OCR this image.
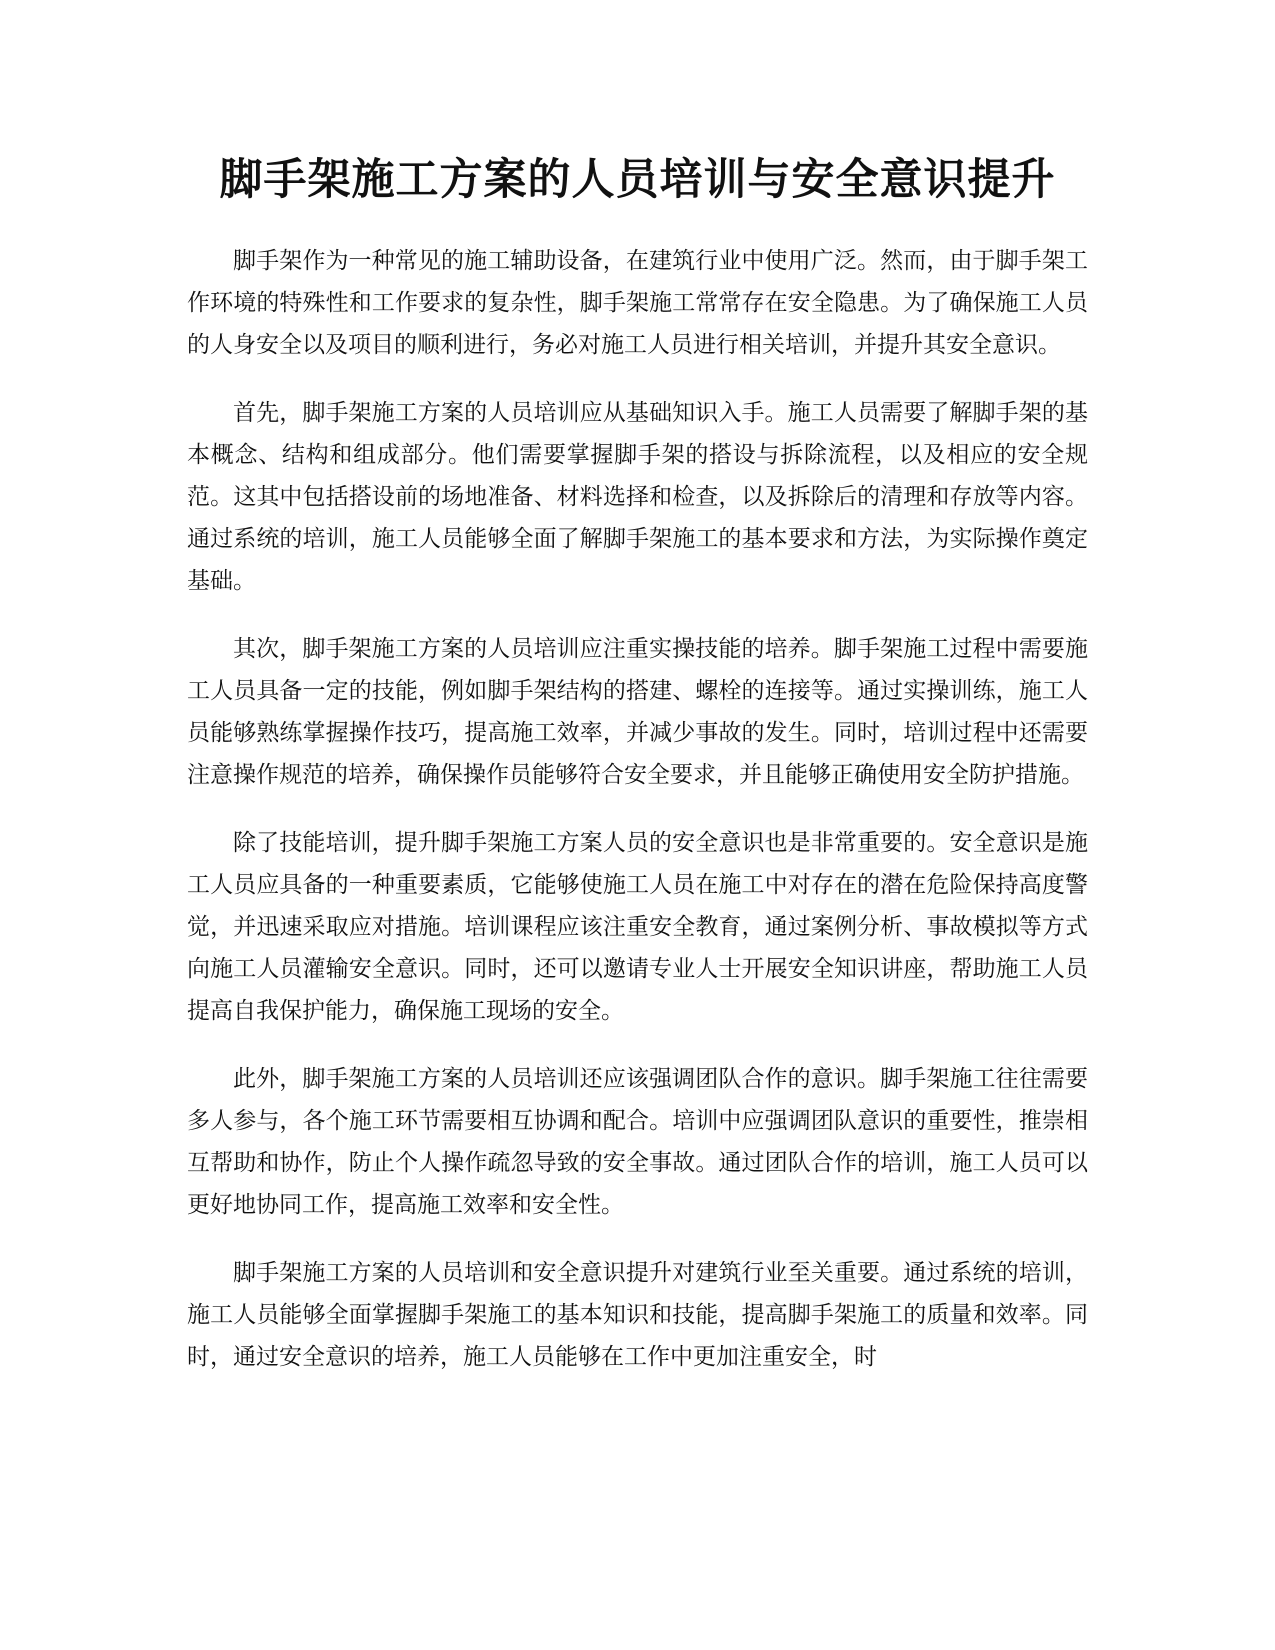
脚手架施工方案的人员培训与安全意识提升

脚手架作为一种常见的施工辅助设备，在建筑行业中使用广泛。然而，由于脚手架工作环境的特殊性和工作要求的复杂性，脚手架施工常常存在安全隐患。为了确保施工人员的人身安全以及项目的顺利进行，务必对施工人员进行相关培训，并提升其安全意识。

首先，脚手架施工方案的人员培训应从基础知识入手。施工人员需要了解脚手架的基本概念、结构和组成部分。他们需要掌握脚手架的搭设与拆除流程，以及相应的安全规范。这其中包括搭设前的场地准备、材料选择和检查，以及拆除后的清理和存放等内容。通过系统的培训，施工人员能够全面了解脚手架施工的基本要求和方法，为实际操作奠定基础。

其次，脚手架施工方案的人员培训应注重实操技能的培养。脚手架施工过程中需要施工人员具备一定的技能，例如脚手架结构的搭建、螺栓的连接等。通过实操训练，施工人员能够熟练掌握操作技巧，提高施工效率，并减少事故的发生。同时，培训过程中还需要注意操作规范的培养，确保操作员能够符合安全要求，并且能够正确使用安全防护措施。

除了技能培训，提升脚手架施工方案人员的安全意识也是非常重要的。安全意识是施工人员应具备的一种重要素质，它能够使施工人员在施工中对存在的潜在危险保持高度警觉，并迅速采取应对措施。培训课程应该注重安全教育，通过案例分析、事故模拟等方式向施工人员灌输安全意识。同时，还可以邀请专业人士开展安全知识讲座，帮助施工人员提高自我保护能力，确保施工现场的安全。

此外，脚手架施工方案的人员培训还应该强调团队合作的意识。脚手架施工往往需要多人参与，各个施工环节需要相互协调和配合。培训中应强调团队意识的重要性，推崇相互帮助和协作，防止个人操作疏忽导致的安全事故。通过团队合作的培训，施工人员可以更好地协同工作，提高施工效率和安全性。

脚手架施工方案的人员培训和安全意识提升对建筑行业至关重要。通过系统的培训，施工人员能够全面掌握脚手架施工的基本知识和技能，提高脚手架施工的质量和效率。同时，通过安全意识的培养，施工人员能够在工作中更加注重安全，时
